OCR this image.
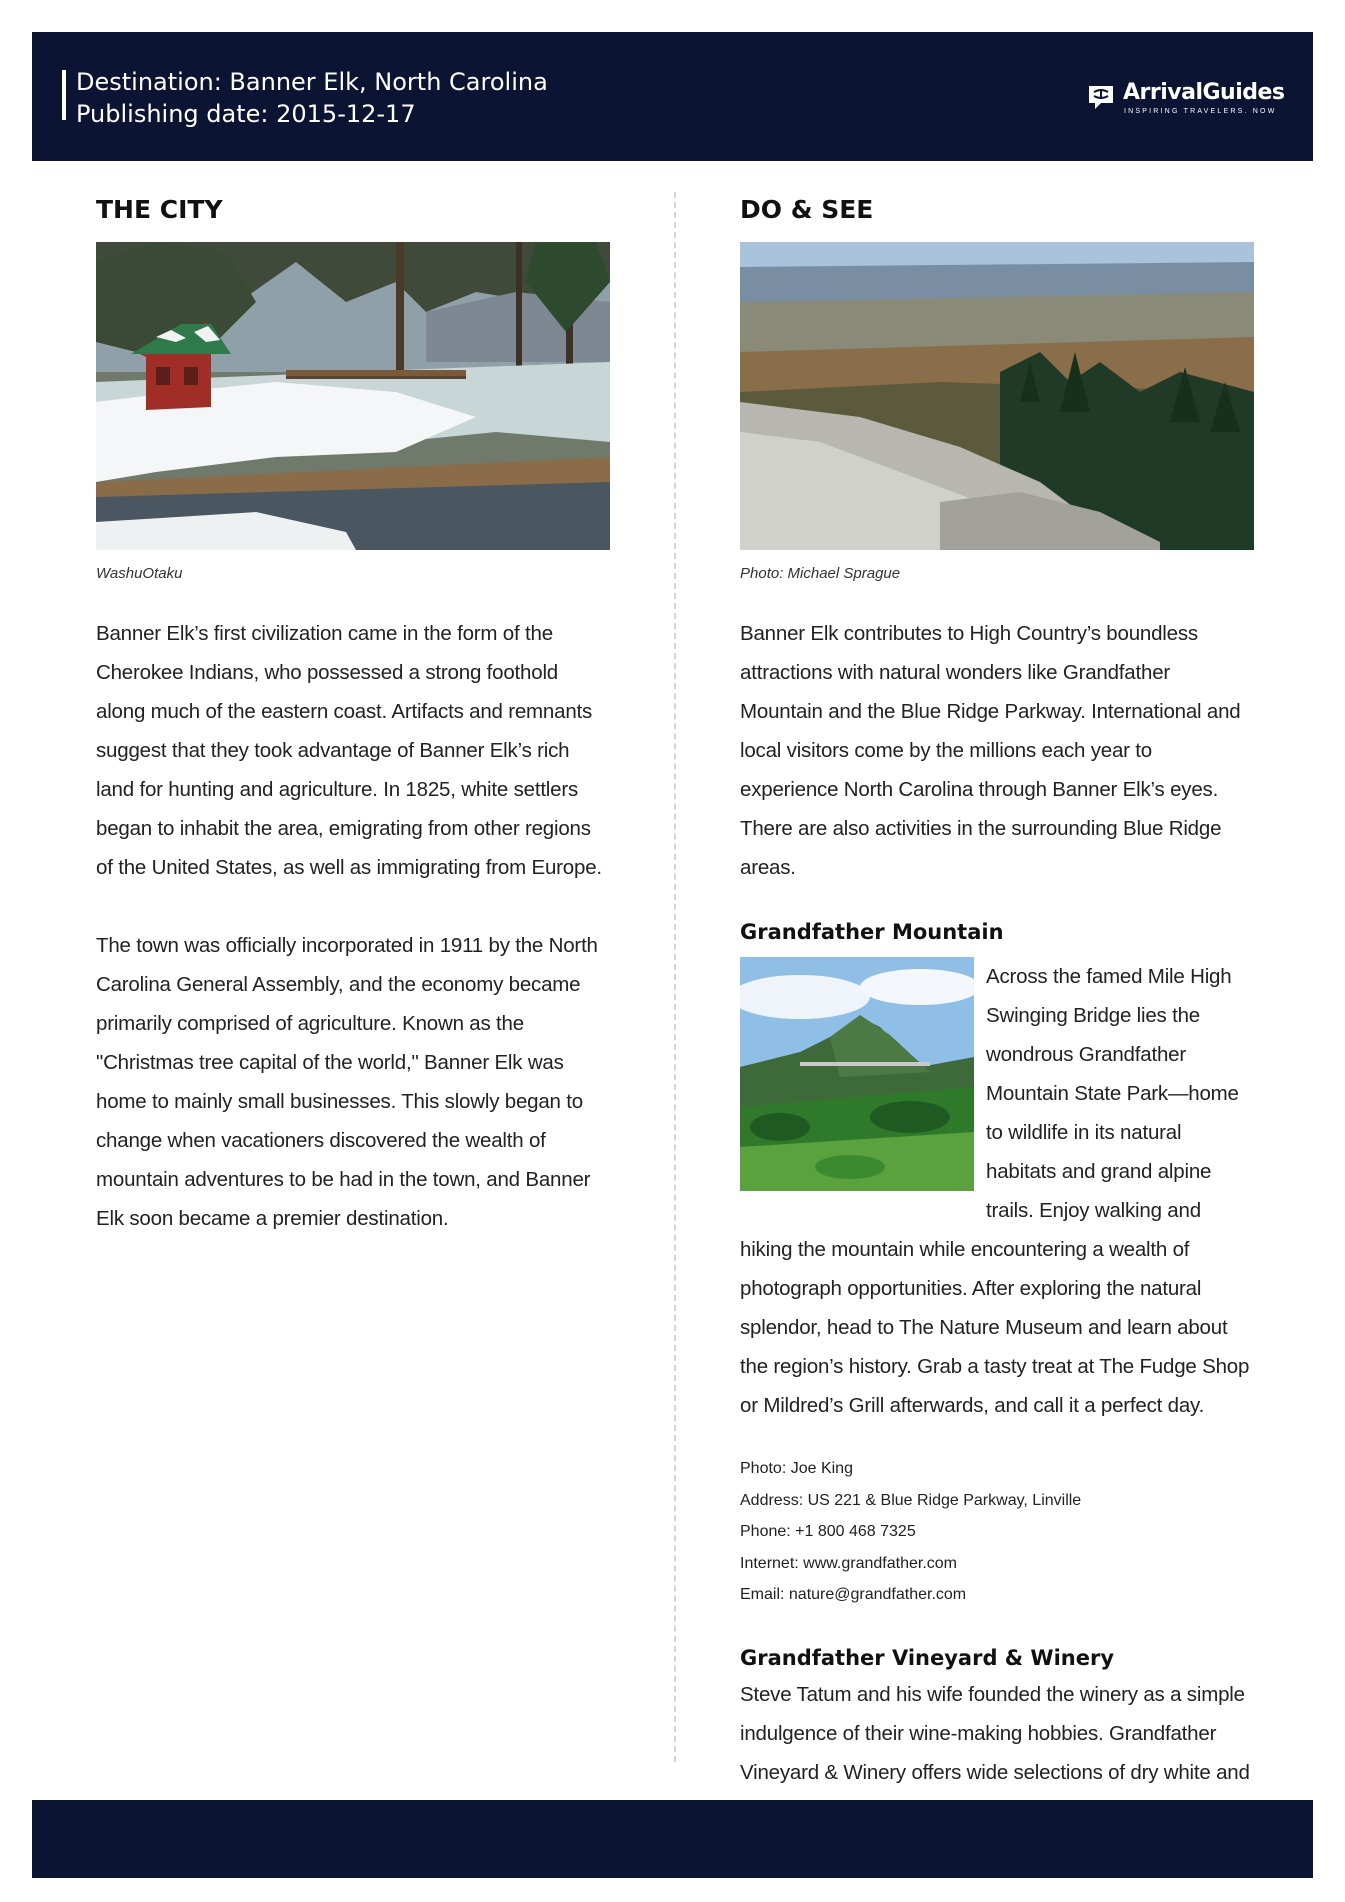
Destination: Banner Elk, North Carolina
Publishing date: 2015-12-17
ArrivalGuides
INSPIRING TRAVELERS. NOW
THE CITY
WashuOtaku

Banner Elk’s first civilization came in the form of the Cherokee Indians, who possessed a strong foothold along much of the eastern coast. Artifacts and remnants suggest that they took advantage of Banner Elk’s rich land for hunting and agriculture. In 1825, white settlers began to inhabit the area, emigrating from other regions of the United States, as well as immigrating from Europe.

The town was officially incorporated in 1911 by the North Carolina General Assembly, and the economy became primarily comprised of agriculture. Known as the "Christmas tree capital of the world," Banner Elk was home to mainly small businesses. This slowly began to change when vacationers discovered the wealth of mountain adventures to be had in the town, and Banner Elk soon became a premier destination.

DO & SEE
Photo: Michael Sprague

Banner Elk contributes to High Country’s boundless attractions with natural wonders like Grandfather Mountain and the Blue Ridge Parkway. International and local visitors come by the millions each year to experience North Carolina through Banner Elk’s eyes. There are also activities in the surrounding Blue Ridge areas.

Grandfather Mountain

Across the famed Mile High Swinging Bridge lies the wondrous Grandfather Mountain State Park—home to wildlife in its natural habitats and grand alpine trails. Enjoy walking and hiking the mountain while encountering a wealth of photograph opportunities. After exploring the natural splendor, head to The Nature Museum and learn about the region’s history. Grab a tasty treat at The Fudge Shop or Mildred’s Grill afterwards, and call it a perfect day.

Photo: Joe King
Address: US 221 & Blue Ridge Parkway, Linville
Phone: +1 800 468 7325
Internet: www.grandfather.com
Email: nature@grandfather.com
Grandfather Vineyard & Winery

Steve Tatum and his wife founded the winery as a simple indulgence of their wine-making hobbies. Grandfather Vineyard & Winery offers wide selections of dry white and
